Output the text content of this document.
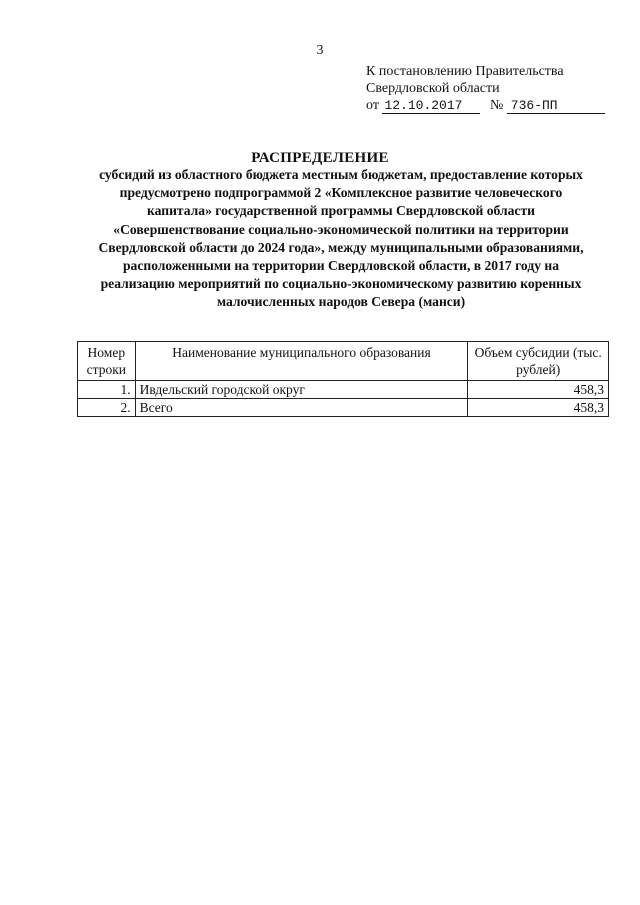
3
К постановлению Правительства
Свердловской области
от 12.10.2017 № 736-ПП
РАСПРЕДЕЛЕНИЕ
субсидий из областного бюджета местным бюджетам, предоставление которых предусмотрено подпрограммой 2 «Комплексное развитие человеческого капитала» государственной программы Свердловской области «Совершенствование социально-экономической политики на территории Свердловской области до 2024 года», между муниципальными образованиями, расположенными на территории Свердловской области, в 2017 году на реализацию мероприятий по социально-экономическому развитию коренных малочисленных народов Севера (манси)
Номер строки	Наименование муниципального образования	Объем субсидии (тыс. рублей)
1.	Ивдельский городской округ	458,3
2.	Всего	458,3
